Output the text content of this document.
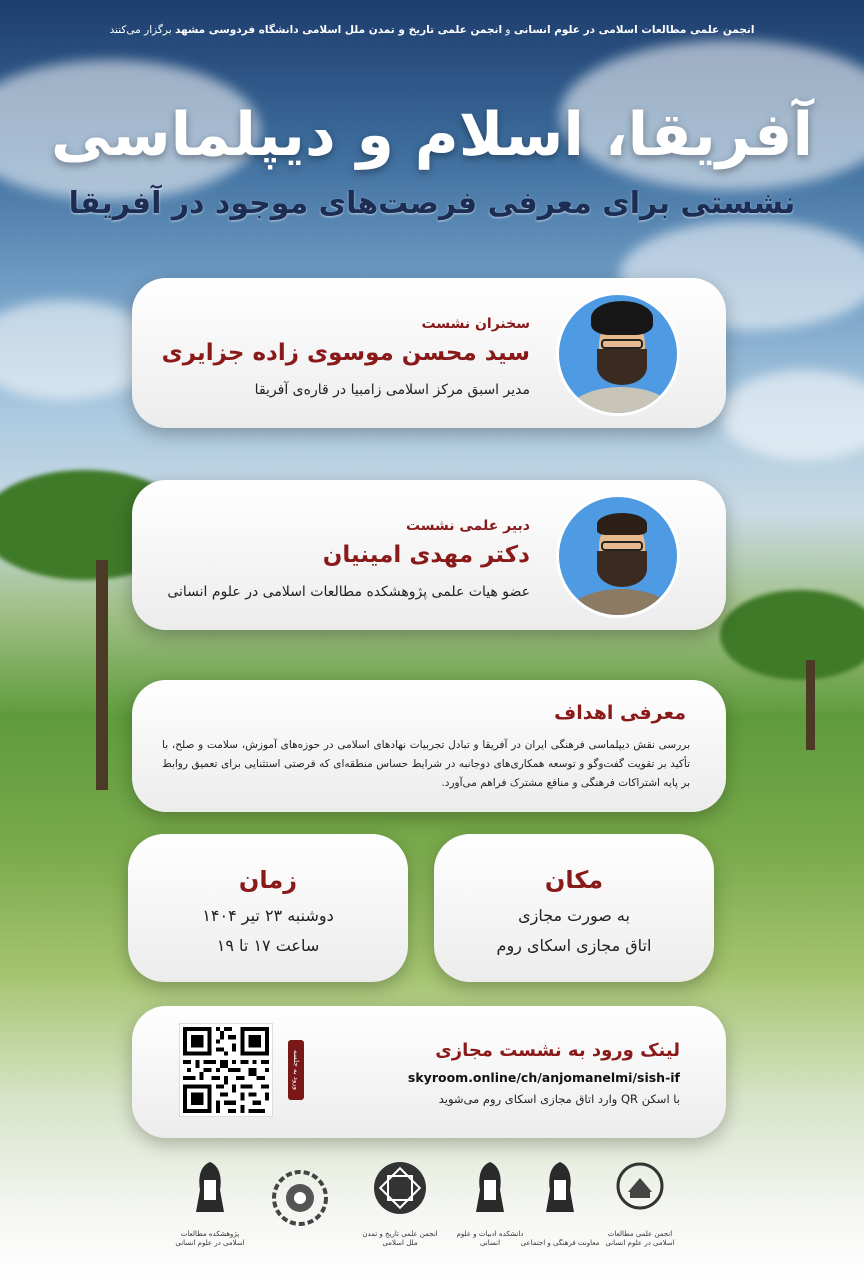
انجمن علمی مطالعات اسلامی در علوم انسانی و انجمن علمی تاریخ و تمدن ملل اسلامی دانشگاه فردوسی مشهد برگزار می‌کنند
آفریقا، اسلام و دیپلماسی
نشستی برای معرفی فرصت‌های موجود در آفریقا
سخنران نشست
سید محسن موسوی زاده جزایری
مدیر اسبق مرکز اسلامی زامبیا در قاره‌ی آفریقا
دبیر علمی نشست
دکتر مهدی امینیان
عضو هیات علمی پژوهشکده مطالعات اسلامی در علوم انسانی
معرفی اهداف
بررسی نقش دیپلماسی فرهنگی ایران در آفریقا و تبادل تجربیات نهادهای اسلامی در حوزه‌های آموزش، سلامت و صلح، با تأکید بر تقویت گفت‌وگو و توسعه همکاری‌های دوجانبه در شرایط حساس منطقه‌ای که فرصتی استثنایی برای تعمیق روابط بر پایه اشتراکات فرهنگی و منافع مشترک فراهم می‌آورد.
مکان
به صورت مجازی
اتاق مجازی اسکای روم
زمان
دوشنبه ۲۳ تیر ۱۴۰۴
ساعت ۱۷ تا ۱۹
لینک ورود به نشست مجازی
skyroom.online/ch/anjomanelmi/sish-if
با اسکن QR وارد اتاق مجازی اسکای روم می‌شوید
ورود به جلسه
پژوهشکده مطالعات اسلامی در علوم انسانی
انجمن علمی تاریخ و تمدن ملل اسلامی
دانشکده ادبیات و علوم انسانی	معاونت فرهنگی و اجتماعی
انجمن علمی مطالعات اسلامی در علوم انسانی
